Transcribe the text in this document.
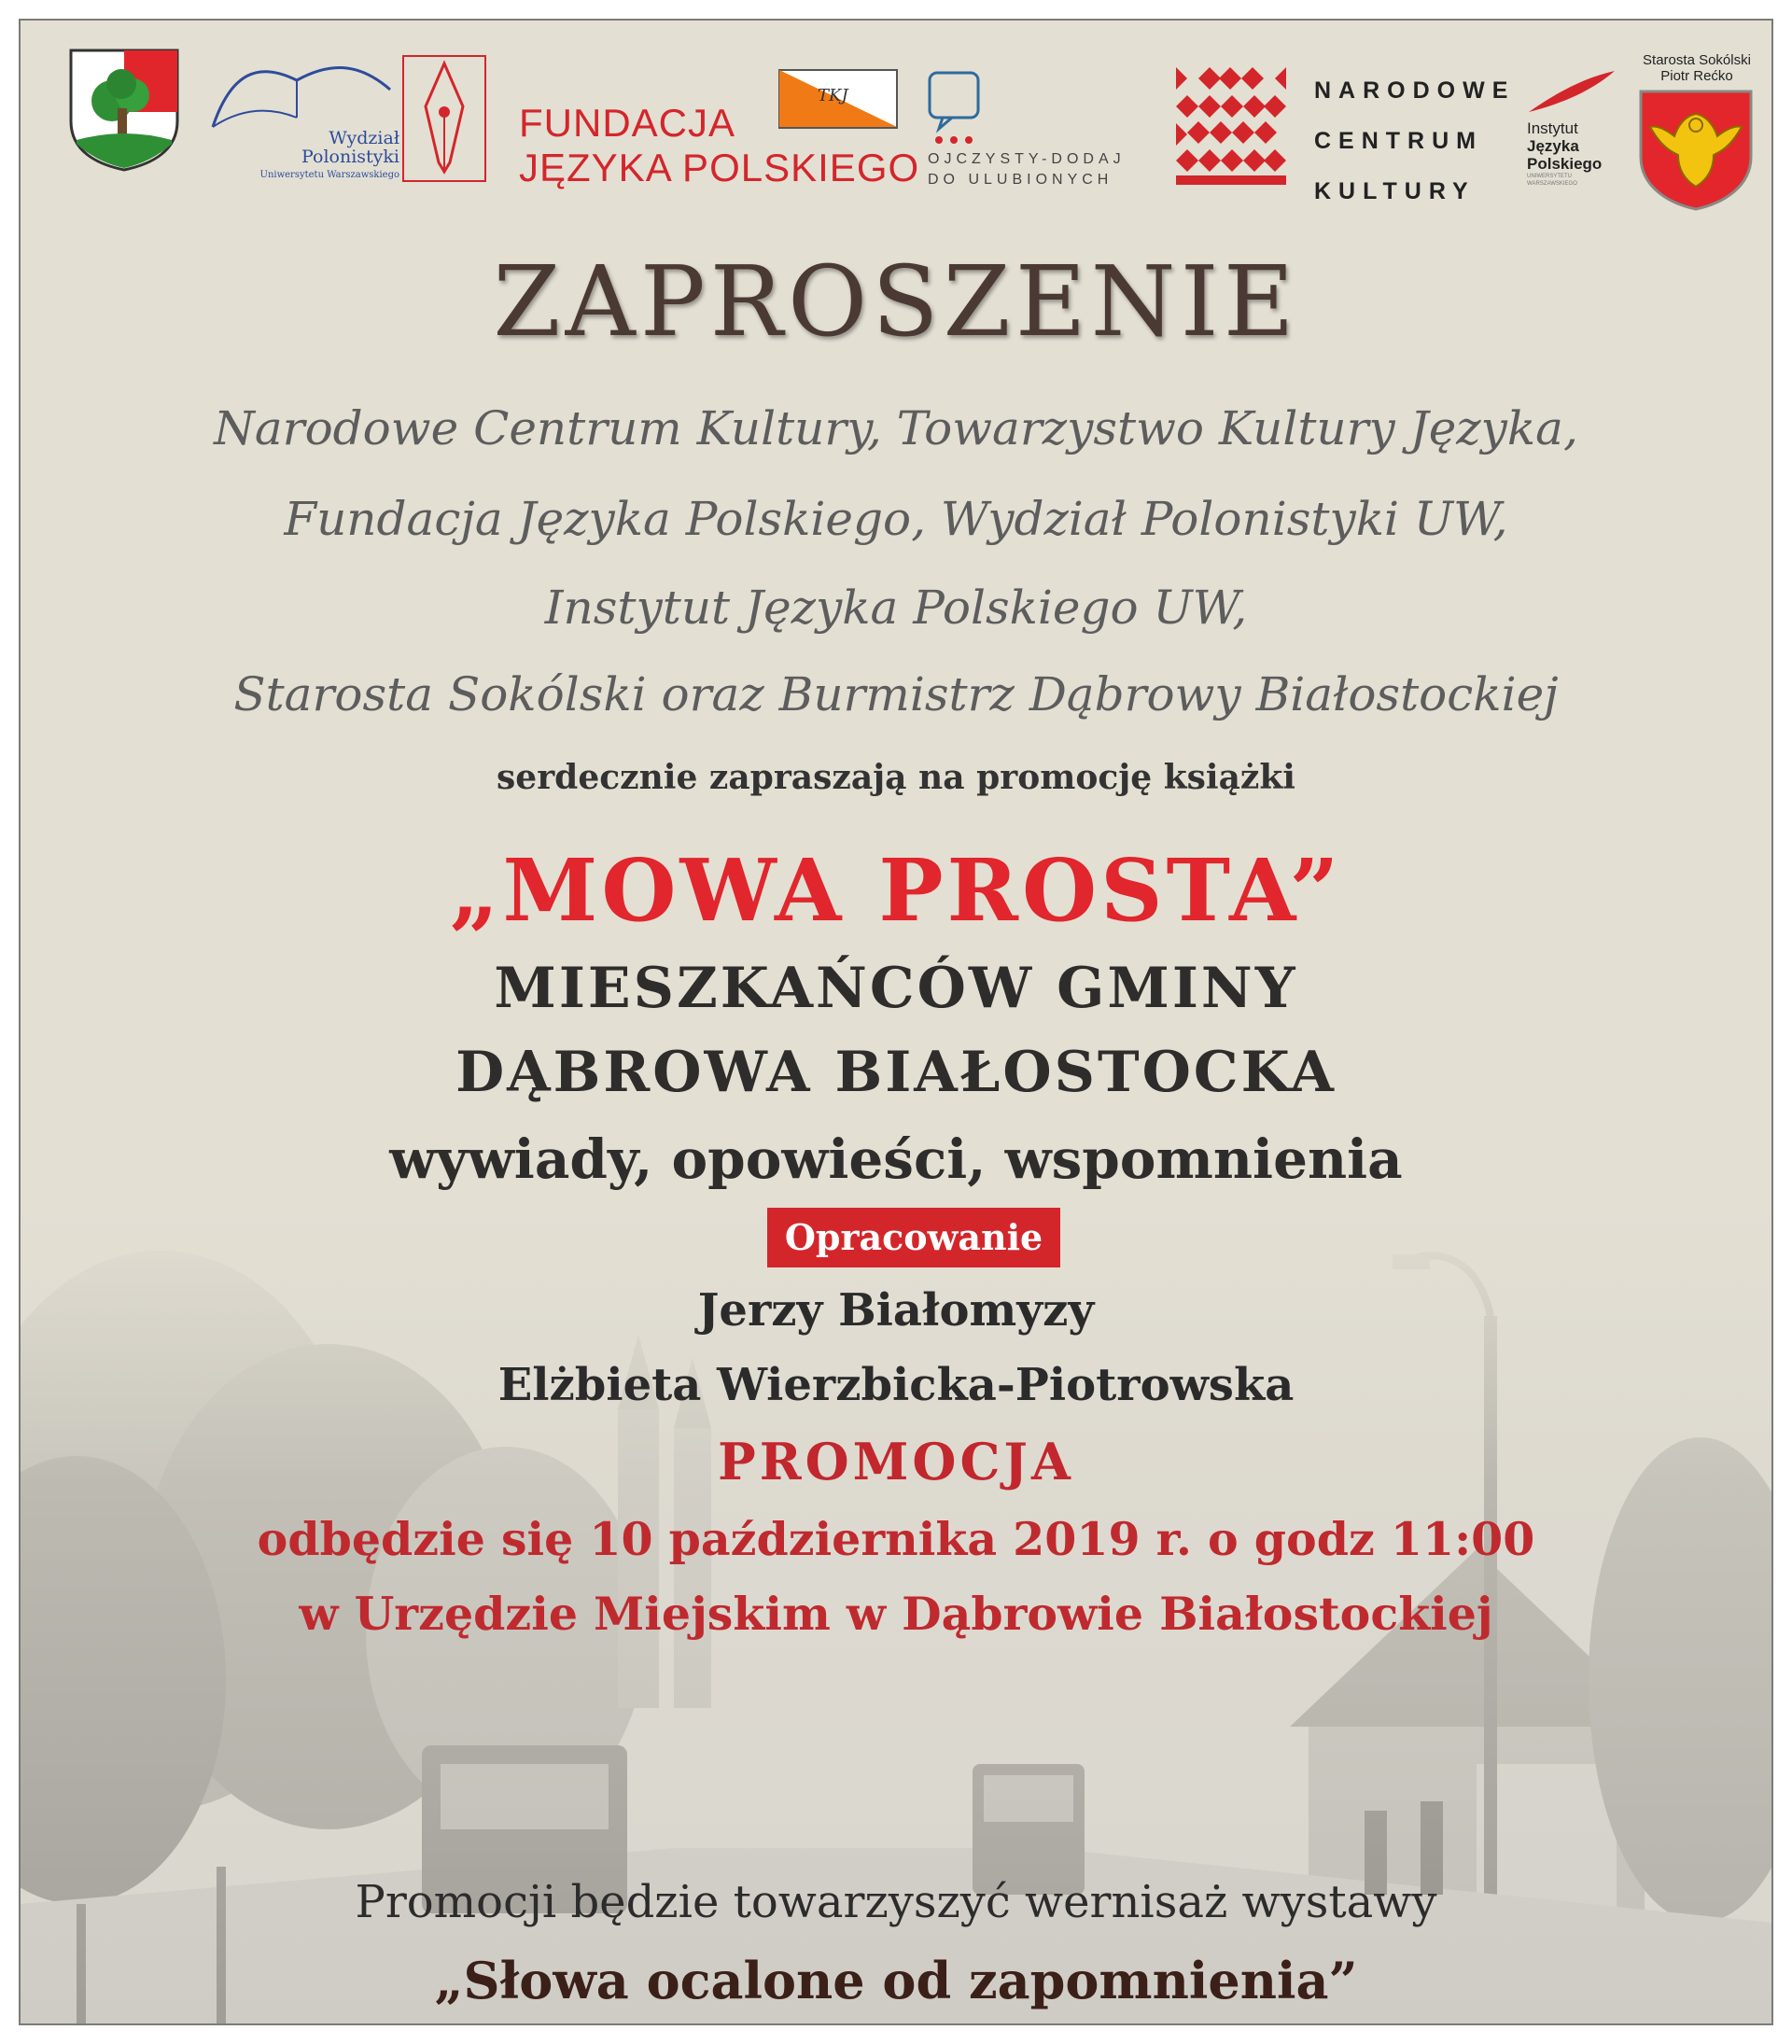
Wydział
Polonistyki
Uniwersytetu Warszawskiego
FUNDACJA
JĘZYKA POLSKIEGO
TKJ
OJCZYSTY-DODAJ
DO ULUBIONYCH
NARODOWE
CENTRUM
KULTURY
Instytut
Języka
Polskiego
UNIWERSYTETU WARSZAWSKIEGO
Starosta Sokólski
Piotr Rećko
ZAPROSZENIE
Narodowe Centrum Kultury, Towarzystwo Kultury Języka,
Fundacja Języka Polskiego, Wydział Polonistyki UW,
Instytut Języka Polskiego UW,
Starosta Sokólski oraz Burmistrz Dąbrowy Białostockiej
serdecznie zapraszają na promocję książki
„MOWA PROSTA”
MIESZKAŃCÓW GMINY
DĄBROWA BIAŁOSTOCKA
wywiady, opowieści, wspomnienia
Opracowanie
Jerzy Białomyzy
Elżbieta Wierzbicka-Piotrowska
PROMOCJA
odbędzie się 10 października 2019 r. o godz 11:00
w Urzędzie Miejskim w Dąbrowie Białostockiej
Promocji będzie towarzyszyć wernisaż wystawy
„Słowa ocalone od zapomnienia”
